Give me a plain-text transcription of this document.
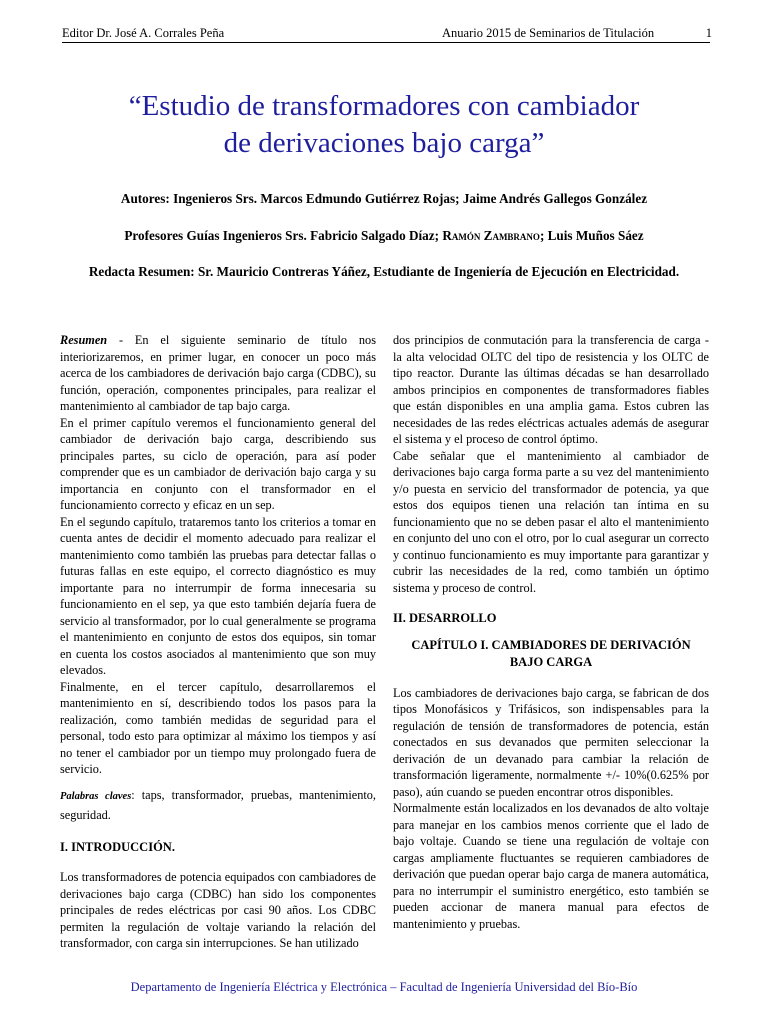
Editor Dr. José A. Corrales Peña	Anuario 2015 de Seminarios de Titulación	1
“Estudio de transformadores con cambiador
de derivaciones bajo carga”
Autores: Ingenieros Srs. Marcos Edmundo Gutiérrez Rojas; Jaime Andrés Gallegos González
Profesores Guías Ingenieros Srs. Fabricio Salgado Díaz; Ramón Zambrano; Luis Muños Sáez
Redacta Resumen: Sr. Mauricio Contreras Yáñez, Estudiante de Ingeniería de Ejecución en Electricidad.

Resumen - En el siguiente seminario de título nos interiorizaremos, en primer lugar, en conocer un poco más acerca de los cambiadores de derivación bajo carga (CDBC), su función, operación, componentes principales, para realizar el mantenimiento al cambiador de tap bajo carga.

En el primer capítulo veremos el funcionamiento general del cambiador de derivación bajo carga, describiendo sus principales partes, su ciclo de operación, para así poder comprender que es un cambiador de derivación bajo carga y su importancia en conjunto con el transformador en el funcionamiento correcto y eficaz en un sep.

En el segundo capítulo, trataremos tanto los criterios a tomar en cuenta antes de decidir el momento adecuado para realizar el mantenimiento como también las pruebas para detectar fallas o futuras fallas en este equipo, el correcto diagnóstico es muy importante para no interrumpir de forma innecesaria su funcionamiento en el sep, ya que esto también dejaría fuera de servicio al transformador, por lo cual generalmente se programa el mantenimiento en conjunto de estos dos equipos, sin tomar en cuenta los costos asociados al mantenimiento que son muy elevados.

Finalmente, en el tercer capítulo, desarrollaremos el mantenimiento en sí, describiendo todos los pasos para la realización, como también medidas de seguridad para el personal, todo esto para optimizar al máximo los tiempos y así no tener el cambiador por un tiempo muy prolongado fuera de servicio.

Palabras claves: taps, transformador, pruebas, mantenimiento, seguridad.

I. INTRODUCCIÓN.

Los transformadores de potencia equipados con cambiadores de derivaciones bajo carga (CDBC) han sido los componentes principales de redes eléctricas por casi 90 años. Los CDBC permiten la regulación de voltaje variando la relación del transformador, con carga sin interrupciones. Se han utilizado

dos principios de conmutación para la transferencia de carga - la alta velocidad OLTC del tipo de resistencia y los OLTC de tipo reactor. Durante las últimas décadas se han desarrollado ambos principios en componentes de transformadores fiables que están disponibles en una amplia gama. Estos cubren las necesidades de las redes eléctricas actuales además de asegurar el sistema y el proceso de control óptimo.

Cabe señalar que el mantenimiento al cambiador de derivaciones bajo carga forma parte a su vez del mantenimiento y/o puesta en servicio del transformador de potencia, ya que estos dos equipos tienen una relación tan íntima en su funcionamiento que no se deben pasar el alto el mantenimiento en conjunto del uno con el otro, por lo cual asegurar un correcto y continuo funcionamiento es muy importante para garantizar y cubrir las necesidades de la red, como también un óptimo sistema y proceso de control.

II. DESARROLLO

CAPÍTULO I. CAMBIADORES DE DERIVACIÓN
BAJO CARGA

Los cambiadores de derivaciones bajo carga, se fabrican de dos tipos Monofásicos y Trifásicos, son indispensables para la regulación de tensión de transformadores de potencia, están conectados en sus devanados que permiten seleccionar la derivación de un devanado para cambiar la relación de transformación ligeramente, normalmente +/- 10%(0.625% por paso), aún cuando se pueden encontrar otros disponibles.

Normalmente están localizados en los devanados de alto voltaje para manejar en los cambios menos corriente que el lado de bajo voltaje. Cuando se tiene una regulación de voltaje con cargas ampliamente fluctuantes se requieren cambiadores de derivación que puedan operar bajo carga de manera automática, para no interrumpir el suministro energético, esto también se pueden accionar de manera manual para efectos de mantenimiento y pruebas.

Departamento de Ingeniería Eléctrica y Electrónica – Facultad de Ingeniería Universidad del Bío-Bío
